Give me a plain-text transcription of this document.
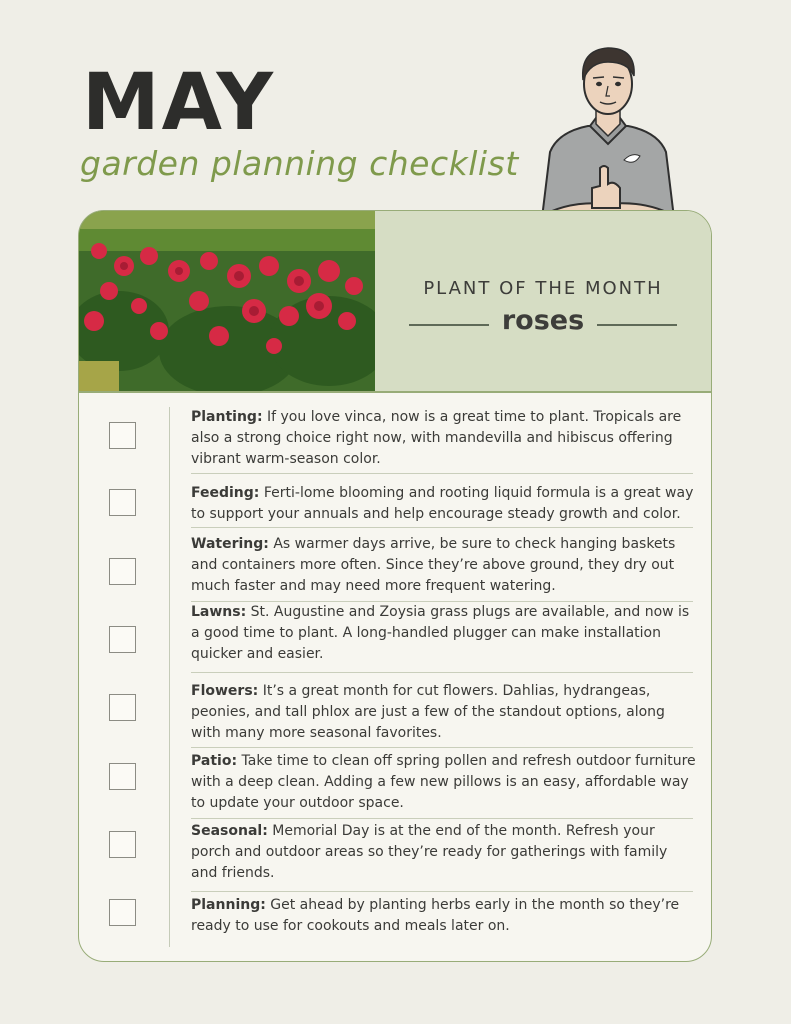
MAY
garden planning checklist
PLANT OF THE MONTH
roses
Planting: If you love vinca, now is a great time to plant. Tropicals are also a strong choice right now, with mandevilla and hibiscus offering vibrant warm-season color.
Feeding: Ferti-lome blooming and rooting liquid formula is a great way to support your annuals and help encourage steady growth and color.
Watering: As warmer days arrive, be sure to check hanging baskets and containers more often. Since they’re above ground, they dry out much faster and may need more frequent watering.
Lawns: St. Augustine and Zoysia grass plugs are available, and now is a good time to plant. A long-handled plugger can make installation quicker and easier.
Flowers: It’s a great month for cut flowers. Dahlias, hydrangeas, peonies, and tall phlox are just a few of the standout options, along with many more seasonal favorites.
Patio: Take time to clean off spring pollen and refresh outdoor furniture with a deep clean. Adding a few new pillows is an easy, affordable way to update your outdoor space.
Seasonal: Memorial Day is at the end of the month. Refresh your porch and outdoor areas so they’re ready for gatherings with family and friends.
Planning: Get ahead by planting herbs early in the month so they’re ready to use for cookouts and meals later on.
